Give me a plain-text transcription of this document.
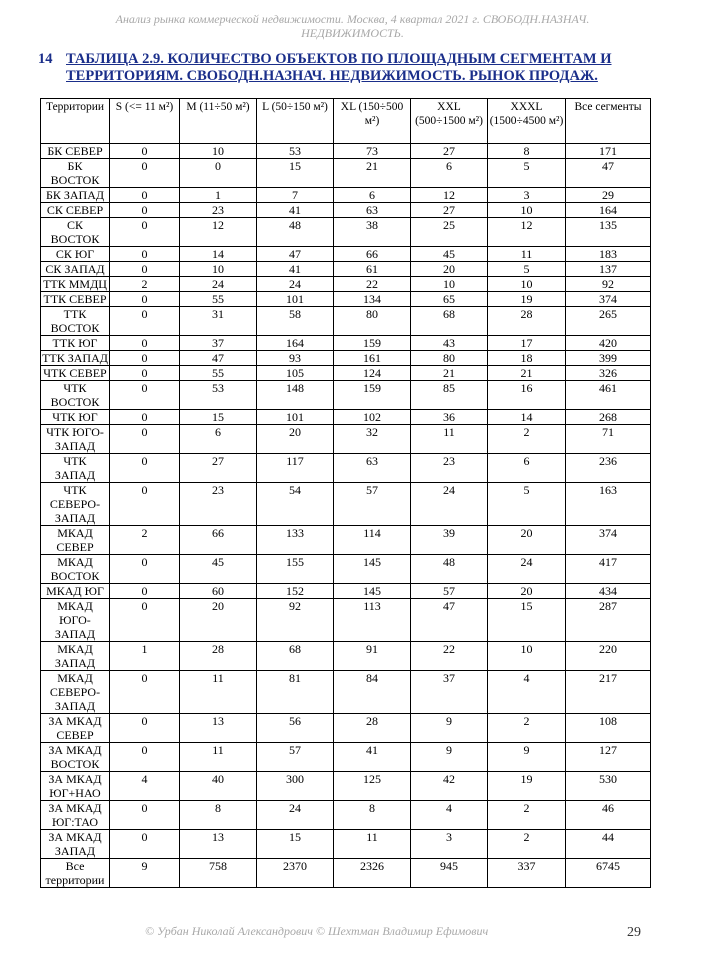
Анализ рынка коммерческой недвижимости. Москва, 4 квартал 2021 г. СВОБОДН.НАЗНАЧ.
НЕДВИЖИМОСТЬ.
14 ТАБЛИЦА 2.9. КОЛИЧЕСТВО ОБЪЕКТОВ ПО ПЛОЩАДНЫМ СЕГМЕНТАМ И
ТЕРРИТОРИЯМ. СВОБОДН.НАЗНАЧ. НЕДВИЖИМОСТЬ. РЫНОК ПРОДАЖ.
Территории	S (<= 11 м²)	M (11÷50 м²)	L (50÷150 м²)	XL (150÷500 м²)	XXL (500÷1500 м²)	XXXL (1500÷4500 м²)	Все сегменты
БК СЕВЕР	0	10	53	73	27	8	171
БК ВОСТОК	0	0	15	21	6	5	47
БК ЗАПАД	0	1	7	6	12	3	29
СК СЕВЕР	0	23	41	63	27	10	164
СК ВОСТОК	0	12	48	38	25	12	135
СК ЮГ	0	14	47	66	45	11	183
СК ЗАПАД	0	10	41	61	20	5	137
ТТК ММДЦ	2	24	24	22	10	10	92
ТТК СЕВЕР	0	55	101	134	65	19	374
ТТК ВОСТОК	0	31	58	80	68	28	265
ТТК ЮГ	0	37	164	159	43	17	420
ТТК ЗАПАД	0	47	93	161	80	18	399
ЧТК СЕВЕР	0	55	105	124	21	21	326
ЧТК ВОСТОК	0	53	148	159	85	16	461
ЧТК ЮГ	0	15	101	102	36	14	268
ЧТК ЮГО-ЗАПАД	0	6	20	32	11	2	71
ЧТК ЗАПАД	0	27	117	63	23	6	236
ЧТК СЕВЕРО-ЗАПАД	0	23	54	57	24	5	163
МКАД СЕВЕР	2	66	133	114	39	20	374
МКАД ВОСТОК	0	45	155	145	48	24	417
МКАД ЮГ	0	60	152	145	57	20	434
МКАД ЮГО-ЗАПАД	0	20	92	113	47	15	287
МКАД ЗАПАД	1	28	68	91	22	10	220
МКАД СЕВЕРО-ЗАПАД	0	11	81	84	37	4	217
ЗА МКАД СЕВЕР	0	13	56	28	9	2	108
ЗА МКАД ВОСТОК	0	11	57	41	9	9	127
ЗА МКАД ЮГ+НАО	4	40	300	125	42	19	530
ЗА МКАД ЮГ:ТАО	0	8	24	8	4	2	46
ЗА МКАД ЗАПАД	0	13	15	11	3	2	44
Все территории	9	758	2370	2326	945	337	6745
© Урбан Николай Александрович © Шехтман Владимир Ефимович	29
